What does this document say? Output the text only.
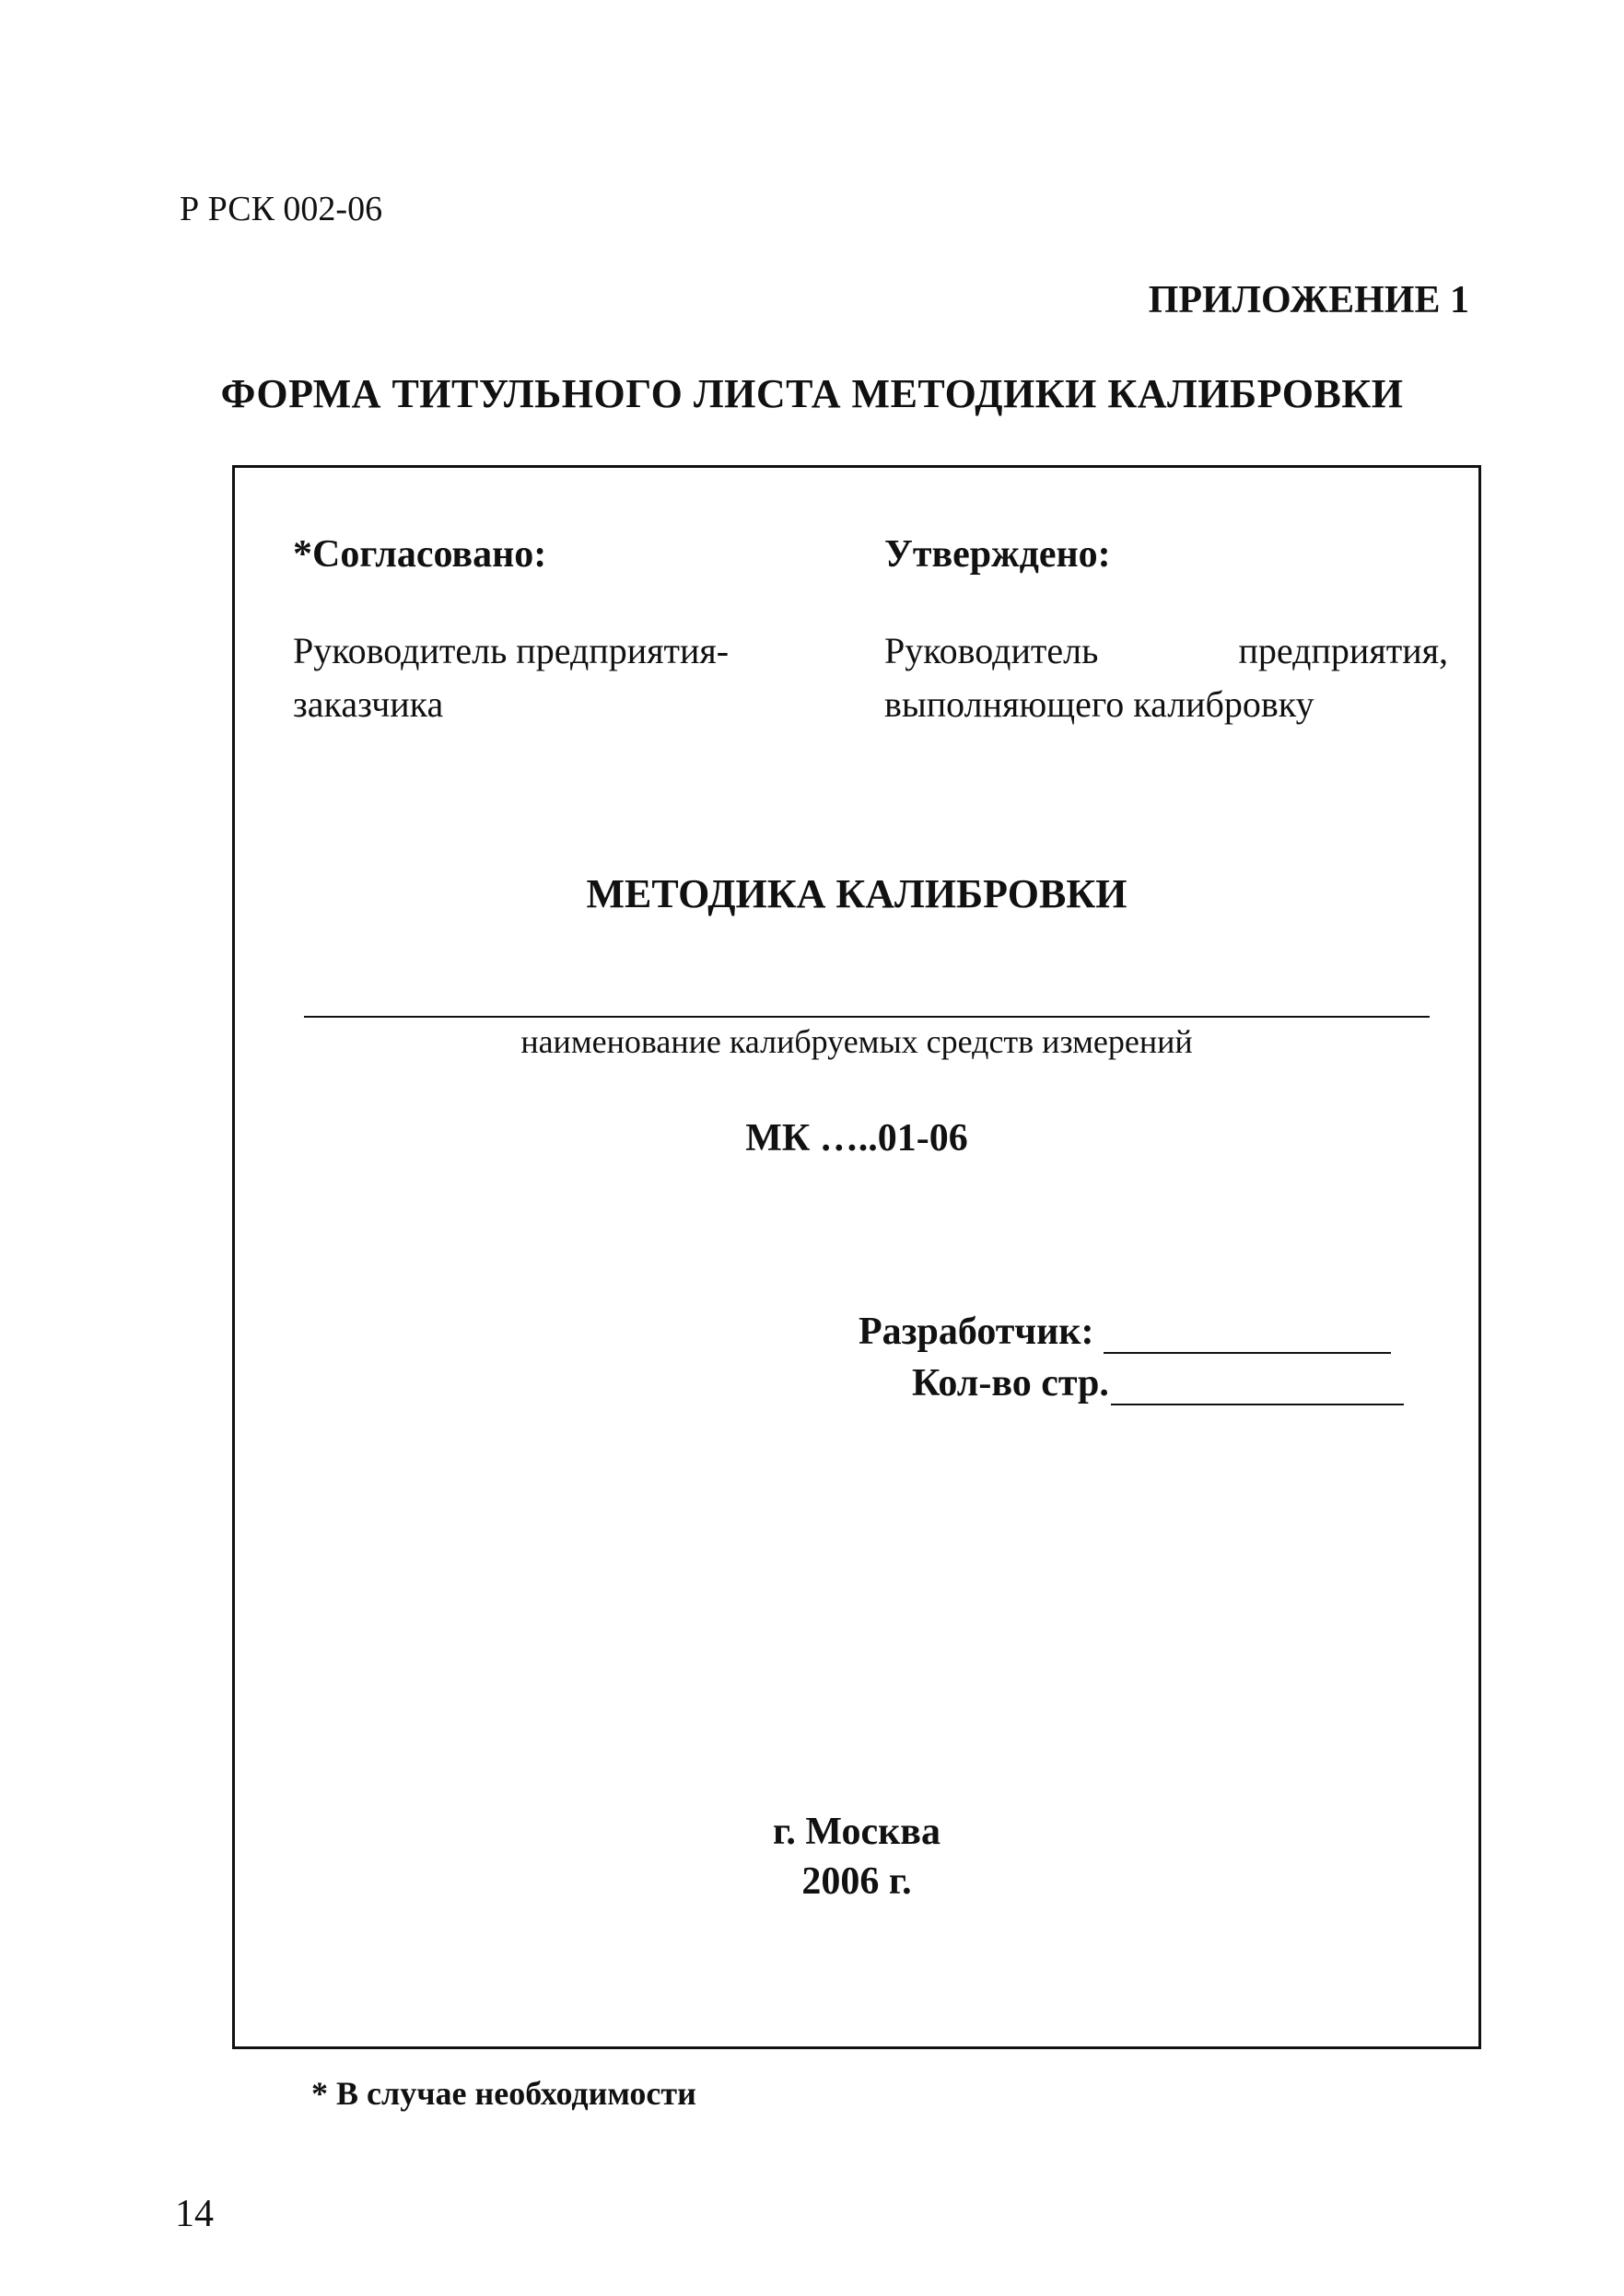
Р РСК 002-06
ПРИЛОЖЕНИЕ 1
ФОРМА ТИТУЛЬНОГО ЛИСТА МЕТОДИКИ КАЛИБРОВКИ
*Согласовано:	Утверждено:
Руководитель предприятия-
заказчика
Руководитель	предприятия,
выполняющего калибровку
МЕТОДИКА КАЛИБРОВКИ
наименование калибруемых средств измерений
МК …..01-06
Разработчик:
Кол-во стр.
г. Москва
2006 г.
* В случае необходимости
14
